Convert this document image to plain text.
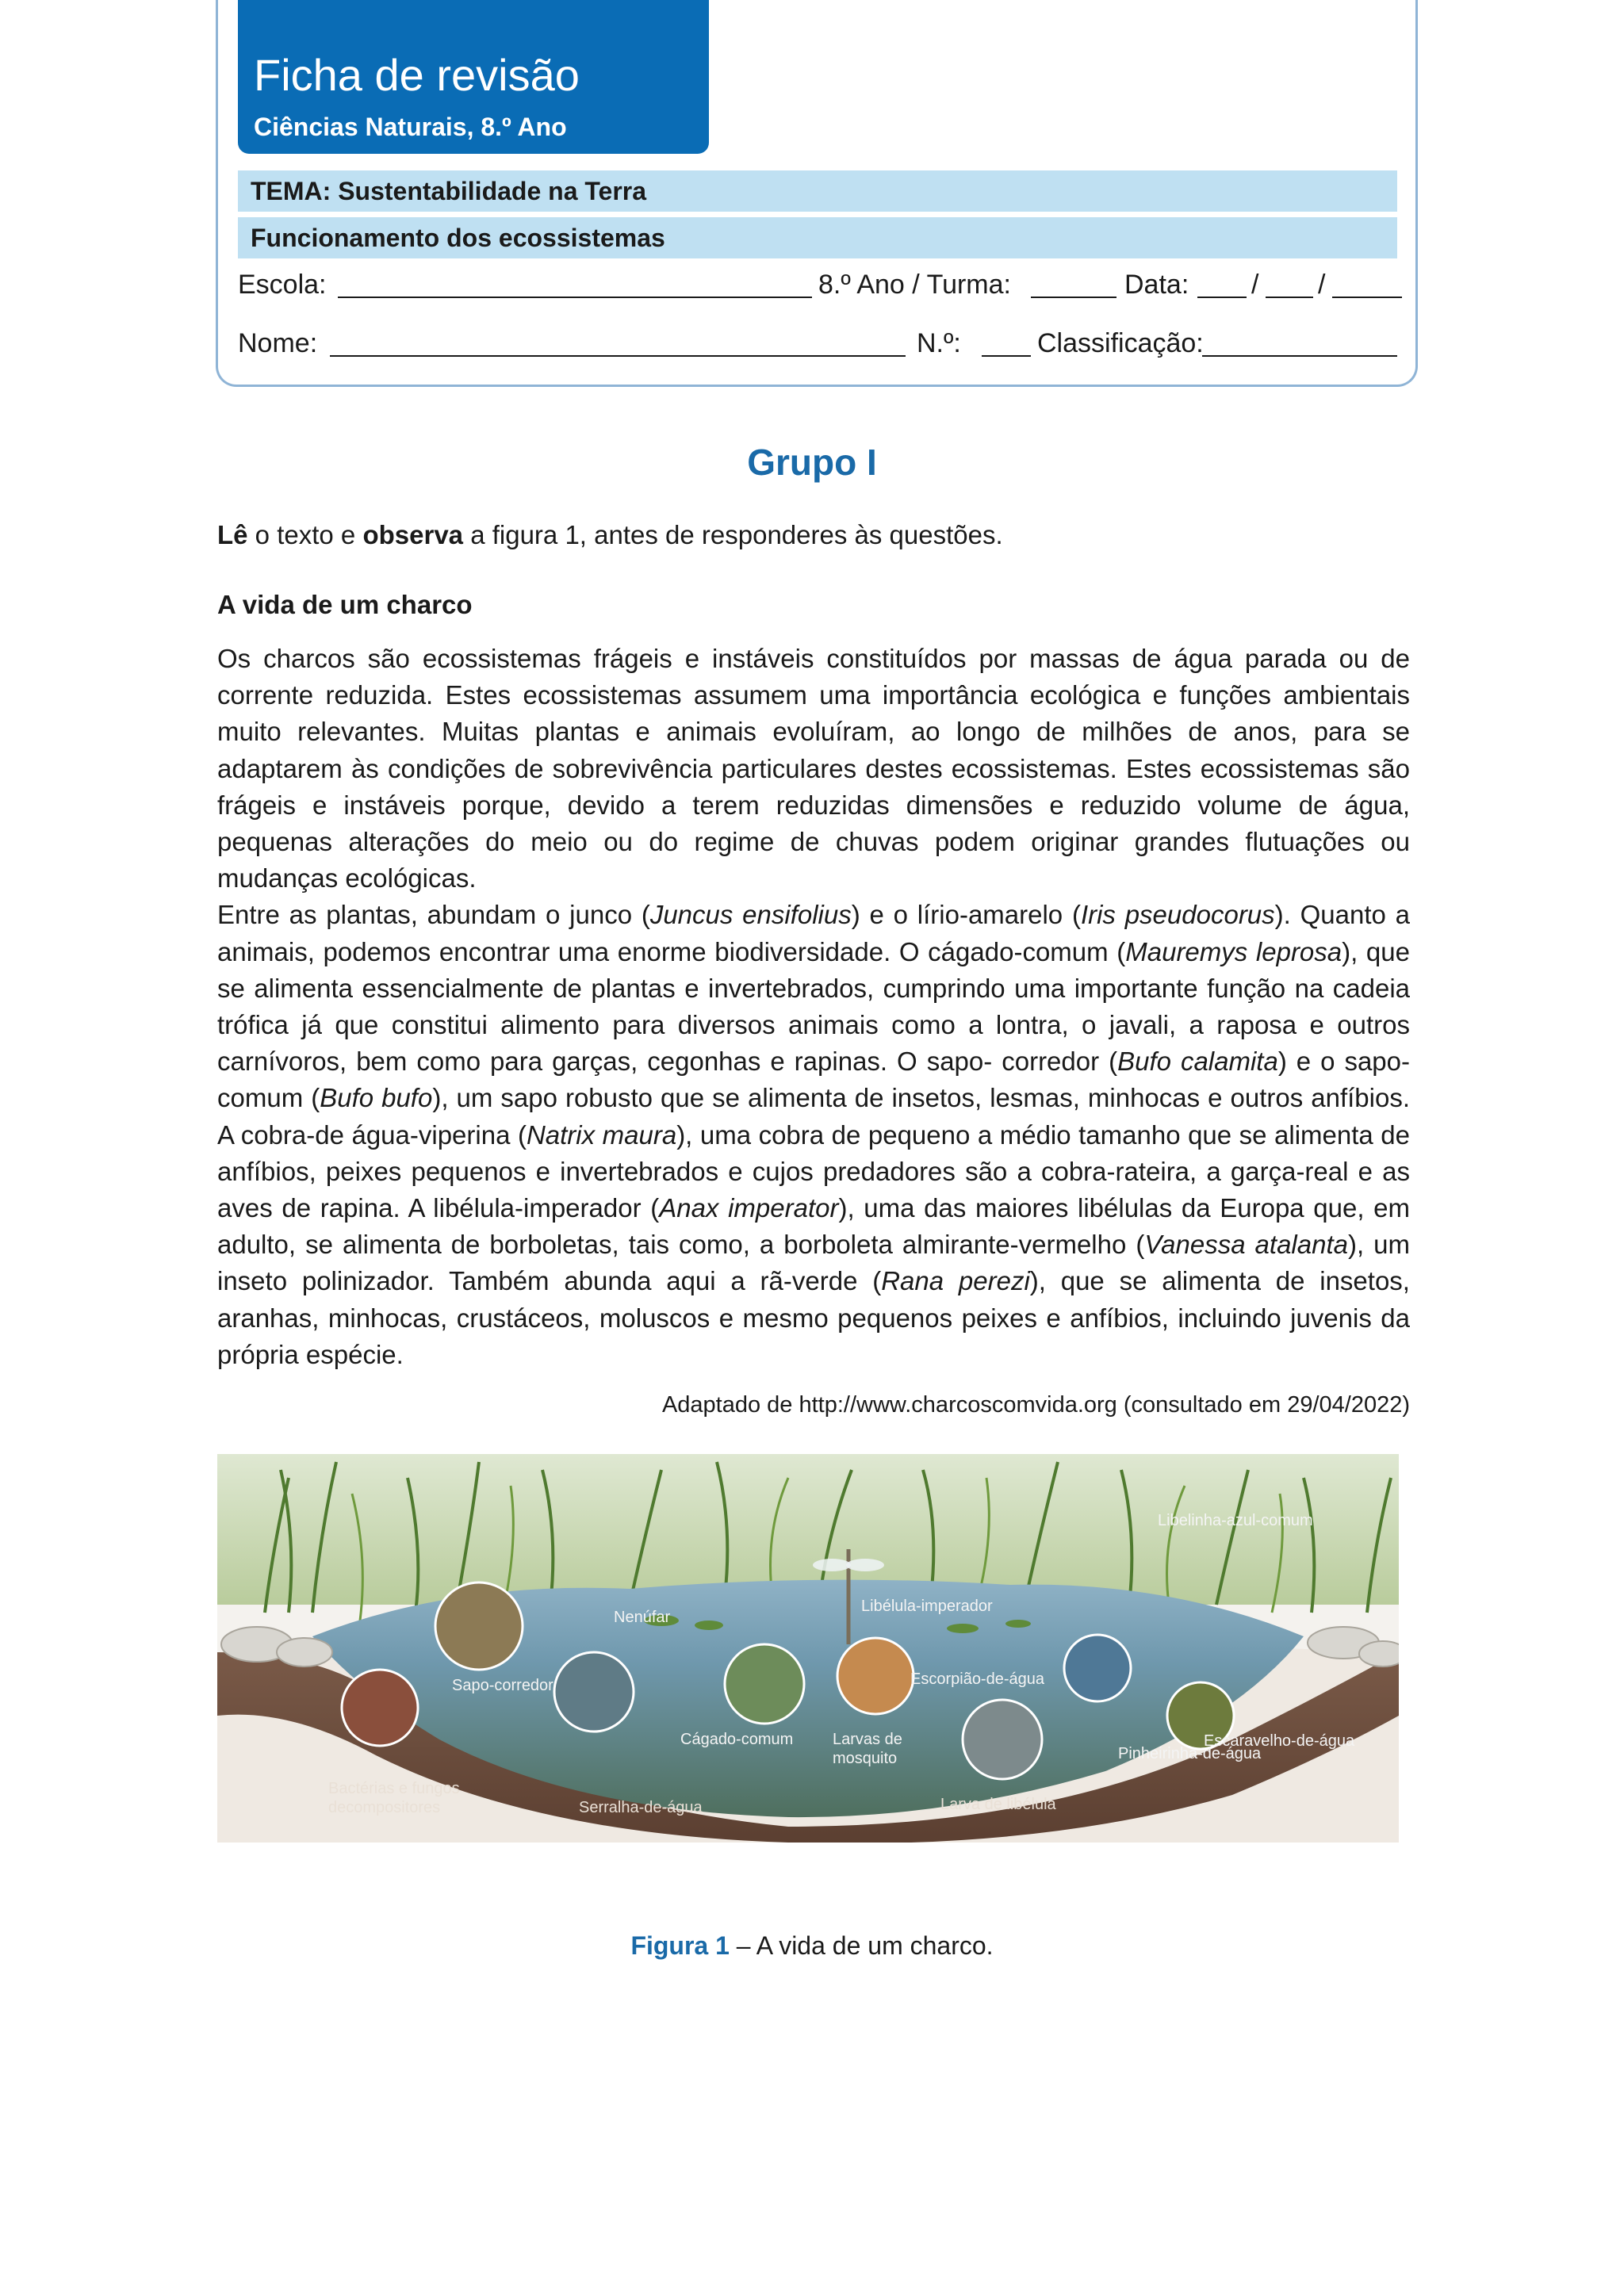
Ficha de revisão
Ciências Naturais, 8.º Ano
TEMA: Sustentabilidade na Terra
Funcionamento dos ecossistemas
Escola:	8.º Ano / Turma:	Data: / /
Nome:	N.º:	Classificação:
Grupo I
Lê o texto e observa a figura 1, antes de responderes às questões.
A vida de um charco

Os charcos são ecossistemas frágeis e instáveis constituídos por massas de água parada ou de corrente reduzida. Estes ecossistemas assumem uma importância ecológica e funções ambientais muito relevantes. Muitas plantas e animais evoluíram, ao longo de milhões de anos, para se adaptarem às condições de sobrevivência particulares destes ecossistemas. Estes ecossistemas são frágeis e instáveis porque, devido a terem reduzidas dimensões e reduzido volume de água, pequenas alterações do meio ou do regime de chuvas podem originar grandes flutuações ou mudanças ecológicas.

Entre as plantas, abundam o junco (Juncus ensifolius) e o lírio-amarelo (Iris pseudocorus). Quanto a animais, podemos encontrar uma enorme biodiversidade. O cágado-comum (Mauremys leprosa), que se alimenta essencialmente de plantas e invertebrados, cumprindo uma importante função na cadeia trófica já que constitui alimento para diversos animais como a lontra, o javali, a raposa e outros carnívoros, bem como para garças, cegonhas e rapinas. O sapo- corredor (Bufo calamita) e o sapo-comum (Bufo bufo), um sapo robusto que se alimenta de insetos, lesmas, minhocas e outros anfíbios. A cobra-de água-viperina (Natrix maura), uma cobra de pequeno a médio tamanho que se alimenta de anfíbios, peixes pequenos e invertebrados e cujos predadores são a cobra-rateira, a garça-real e as aves de rapina. A libélula-imperador (Anax imperator), uma das maiores libélulas da Europa que, em adulto, se alimenta de borboletas, tais como, a borboleta almirante-vermelho (Vanessa atalanta), um inseto polinizador. Também abunda aqui a rã-verde (Rana perezi), que se alimenta de insetos, aranhas, minhocas, crustáceos, moluscos e mesmo pequenos peixes e anfíbios, incluindo juvenis da própria espécie.

Adaptado de http://www.charcoscomvida.org (consultado em 29/04/2022)
Libelinha-azul-comum
Libélula-imperador
Nenúfar
Sapo-corredor	Escorpião-de-água
Cágado-comum Larvas de
mosquito
Escaravelho-de-água
Pinheirinha-de-água
Bactérias e fungos
decompositores	Serralha-de-água	Larva de libélula
Figura 1 – A vida de um charco.
